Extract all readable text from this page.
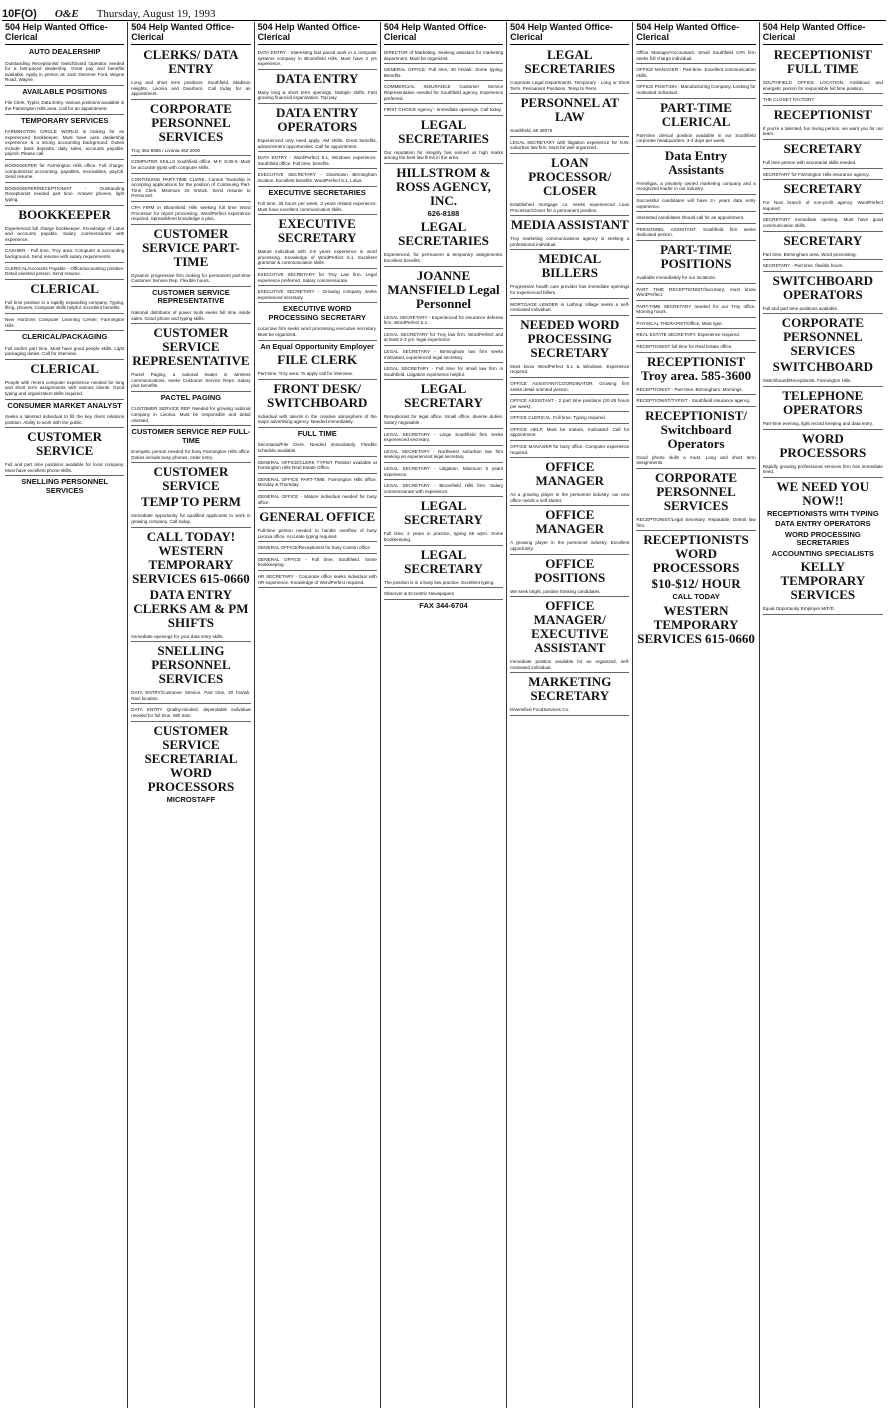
10F(O) O&E Thursday, August 19, 1993
504 Help Wanted Office-Clerical
AUTO DEALERSHIP
Outstanding Receptionist/ Switchboard Operator needed for a fast-paced dealership. Great pay and benefits available. Apply in person at: Jack Demmer Ford, Wayne Road, Wayne.
AVAILABLE POSITIONS
File Clerk, Typist, Data Entry. Various positions available in the Farmington Hills area. Call for an appointment.
TEMPORARY SERVICES
FARMINGTON CIRCLE WORLD is looking for an experienced bookkeeper. Must have auto dealership experience & a strong accounting background. Duties include: bank deposits, daily sales, accounts payable, payroll. Please call.
BOOKKEEPER for Farmington Hills office. Full charge, computerized accounting, payables, receivables, payroll. Send resume.
BOOKKEEPER/RECEPTIONIST - Outstanding Receptionist needed part time. Answer phones, light typing.
BOOKKEEPER
Experienced full charge bookkeeper. Knowledge of Lotus and accounts payable. Salary commensurate with experience.
CASHIER - Full time, Troy area. Computer & accounting background. Send resume with salary requirements.
CLERICAL/Accounts Payable - Office/accounting position. Detail oriented person. Send resume.
CLERICAL
Full time position in a rapidly expanding company. Typing, filing, phones. Computer skills helpful. Excellent benefits.
New Horizons Computer Learning Center, Farmington Hills.
CLERICAL/PACKAGING
Full and/or part time. Must have good people skills. Light packaging duties. Call for interview.
CLERICAL
People with recent computer experience needed for long and short term assignments with various clients. Good typing and organization skills required.
CONSUMER MARKET ANALYST
Seeks a talented individual to fill the key client relations position. Ability to work with the public.
CUSTOMER SERVICE
Full and part time positions available for local company. Must have excellent phone skills.
SNELLING PERSONNEL SERVICES
504 Help Wanted Office-Clerical
CLERKS/ DATA ENTRY
Long and short term positions. Southfield, Madison Heights, Livonia and Dearborn. Call today for an appointment.
CORPORATE PERSONNEL SERVICES
Troy 362-8686 / Livonia 462-2000
COMPUTER SKILLS Southfield office. M-F, 8:30-5. Must be accurate typist with computer skills.
CONTINUING PART-TIME CLERK. Canton Township is accepting applications for the position of Continuing Part-Time Clerk. Minimum 20 hrs/wk. Send resume to Personnel.
CPA FIRM in Bloomfield Hills seeking full time Word Processor for report processing. WordPerfect experience required. Spreadsheet knowledge a plus.
CUSTOMER SERVICE PART-TIME
Dynamic progressive firm looking for permanent part-time Customer Service Rep. Flexible hours.
CUSTOMER SERVICE REPRESENTATIVE
National distributor of power tools seeks full time inside sales. Good phone and typing skills.
CUSTOMER SERVICE REPRESENTATIVE
Pactel Paging, a national leader in wireless communications, seeks Customer Service Reps. Salary plus benefits.
PACTEL PAGING
CUSTOMER SERVICE REP. Needed for growing national company in Livonia. Must be responsible and detail oriented.
CUSTOMER SERVICE REP FULL-TIME
Energetic person needed for busy Farmington Hills office. Duties include busy phones, order entry.
CUSTOMER SERVICE
TEMP TO PERM
Immediate opportunity for qualified applicants to work in growing company. Call today.
CALL TODAY! WESTERN TEMPORARY SERVICES 615-0660
DATA ENTRY CLERKS AM & PM SHIFTS
Immediate openings for your data entry skills.
SNELLING PERSONNEL SERVICES
DATA ENTRY/Customer Service. Part time, 20 hrs/wk. Novi location.
DATA ENTRY Quality-minded, dependable individual needed for full time. Will train.
CUSTOMER SERVICE SECRETARIAL WORD PROCESSORS
MICROSTAFF
504 Help Wanted Office-Clerical
DATA ENTRY - Interesting fast paced work in a computer systems company in Bloomfield Hills. Must have 2 yrs experience.
DATA ENTRY
Many long & short term openings. Multiple shifts. Fast growing financial organization. Top pay.
DATA ENTRY OPERATORS
Experienced only need apply. AM shifts. Great benefits, advancement opportunities. Call for appointment.
DATA ENTRY - WordPerfect 5.1, Windows experience. Southfield office. Full time, benefits.
EXECUTIVE SECRETARY - Downtown Birmingham location. Excellent benefits. WordPerfect 5.1, Lotus.
EXECUTIVE SECRETARIES
Full time, 35 hours per week, 3 years related experience. Must have excellent communication skills.
EXECUTIVE SECRETARY
Mature individual with 3-5 years experience in word processing. Knowledge of WordPerfect 5.1, Excellent grammar & communication skills.
EXECUTIVE SECRETARY for Troy Law firm. Legal experience preferred. Salary commensurate.
EXECUTIVE SECRETARY - Growing company seeks experienced secretary.
EXECUTIVE WORD PROCESSING SECRETARY
Local law firm seeks word processing executive secretary. Must be organized.
An Equal Opportunity Employer
FILE CLERK
Part-time, Troy area. To apply call for interview.
FRONT DESK/ SWITCHBOARD
Individual with talents in the creative atmosphere of the major advertising agency. Needed immediately.
FULL TIME
Secretarial/File Clerk. Needed immediately. Flexible schedule available.
GENERAL OFFICE/CLERK TYPIST Position available at Farmington Hills Real Estate Office.
GENERAL OFFICE PART-TIME. Farmington Hills office. Monday & Thursday.
GENERAL OFFICE - Mature individual needed for busy office.
GENERAL OFFICE
Full-time person needed to handle overflow of busy Livonia office. Accurate typing required.
GENERAL OFFICE/Receptionist for busy Canton office.
GENERAL OFFICE - Full time, Southfield. Some bookkeeping.
HR SECRETARY - Corporate office seeks individual with HR experience. Knowledge of WordPerfect required.
504 Help Wanted Office-Clerical
DIRECTOR of Marketing. Seeking assistant for marketing department. Must be organized.
GENERAL OFFICE: Full time, 40 hrs/wk. Some typing. Benefits.
COMMERCIAL INSURANCE Customer Service Representative needed for Southfield agency. Experience preferred.
FIRST CHOICE Agency - Immediate openings. Call today.
LEGAL SECRETARIES
Our reputation for integrity has earned us high marks among the best law firms in the area.
HILLSTROM & ROSS AGENCY, INC.
626-8188
LEGAL SECRETARIES
Experienced, for permanent & temporary assignments. Excellent benefits.
JOANNE MANSFIELD Legal Personnel
LEGAL SECRETARY - Experienced for insurance defense firm. WordPerfect 5.1.
LEGAL SECRETARY for Troy law firm. WordPerfect and at least 2-3 yrs. legal experience.
LEGAL SECRETARY - Birmingham law firm seeks motivated, experienced legal secretary.
LEGAL SECRETARY - Full time for small law firm in Southfield. Litigation experience helpful.
LEGAL SECRETARY
Receptionist for legal office. Small office, diverse duties. Salary negotiable.
LEGAL SECRETARY - Large Southfield firm seeks experienced secretary.
LEGAL SECRETARY - Northwest suburban law firm seeking an experienced legal secretary.
LEGAL SECRETARY - Litigation. Minimum 5 years experience.
LEGAL SECRETARY - Bloomfield Hills firm. Salary commensurate with experience.
LEGAL SECRETARY
Full time, 2 years in practice, typing 65 wpm. Some bookkeeping.
LEGAL SECRETARY
The position is in a busy law practice. Excellent typing.
Observer & Eccentric Newspapers
FAX 344-6704
504 Help Wanted Office-Clerical
LEGAL SECRETARIES
Corporate Legal Departments. Temporary - Long or Short Term. Permanent Positions. Temp to Perm.
PERSONNEL AT LAW
Southfield, MI 48075
LEGAL SECRETARY with litigation experience for N.W. suburban law firm. Must be well organized.
LOAN PROCESSOR/ CLOSER
Established mortgage co. seeks experienced Loan Processor/Closer for a permanent position.
MEDIA ASSISTANT
Troy marketing communications agency is seeking a professional individual.
MEDICAL BILLERS
Progressive health care provider has immediate openings for experienced billers.
MORTGAGE LENDER in Lathrup Village seeks a self-motivated individual.
NEEDED WORD PROCESSING SECRETARY
Must know WordPerfect 5.1 & Windows. Experience required.
OFFICE ASSISTANT/COORDINATOR. Growing firm seeks detail oriented person.
OFFICE ASSISTANT - 2 part time positions (20-25 hours per week).
OFFICE CLERICAL. Full time. Typing required.
OFFICE HELP. Must be mature, motivated. Call for appointment.
OFFICE MANAGER for busy office. Computer experience required.
OFFICE MANAGER
As a growing player in the personnel industry, our new office needs a self starter.
OFFICE MANAGER
A growing player in the personnel industry. Excellent opportunity.
OFFICE POSITIONS
We seek bright, positive thinking candidates.
OFFICE MANAGER/ EXECUTIVE ASSISTANT
Immediate position available for an organized, self-motivated individual.
MARKETING SECRETARY
Diversified FoodServices Co.
504 Help Wanted Office-Clerical
Office Manager/Accountant. Small Southfield CPA firm seeks full charge individual.
OFFICE MANAGER - Part-time. Excellent communication skills.
OFFICE POSITION - Manufacturing Company. Looking for motivated individual.
PART-TIME CLERICAL
Part-time clerical position available in our Southfield corporate headquarters. 3-4 days per week.
Data Entry Assistants
Ferrellgas, a privately owned marketing company and a recognized leader in our industry.
Successful candidates will have 2+ years data entry experience.
Interested candidates should call for an appointment.
PERSONNEL ASSISTANT. Southfield firm seeks dedicated person.
PART-TIME POSITIONS
Available immediately for our locations.
PART TIME RECEPTIONIST/Secretary, must know WordPerfect.
PART-TIME SECRETARY needed for our Troy office. Morning hours.
PHYSICAL THERAPIST/Office. Must type.
REAL ESTATE SECRETARY. Experience required.
RECEPTIONIST full time for Real Estate office.
RECEPTIONIST Troy area. 585-3600
RECEPTIONIST - Part-time, Birmingham. Mornings.
RECEPTIONIST/TYPIST - Southfield insurance agency.
RECEPTIONIST/ Switchboard Operators
Good phone skills a must. Long and short term assignments.
CORPORATE PERSONNEL SERVICES
RECEPTIONIST/Legal Secretary. Reputable, Detroit law firm.
RECEPTIONISTS WORD PROCESSORS
$10-$12/ HOUR
CALL TODAY
WESTERN TEMPORARY SERVICES 615-0660
504 Help Wanted Office-Clerical
RECEPTIONIST FULL TIME
SOUTHFIELD OFFICE LOCATION. Ambitious and energetic person for responsible full time position.
THE CLOSET FACTORY
RECEPTIONIST
If you're a talented, fun loving person, we want you for our team.
SECRETARY
Full time person with secretarial skills needed.
SECRETARY for Farmington Hills insurance agency.
SECRETARY
For Novi branch of non-profit agency. WordPerfect required.
SECRETARY Immediate opening. Must have good communication skills.
SECRETARY
Part time, Birmingham area. Word processing.
SECRETARY - Part time, flexible hours.
SWITCHBOARD OPERATORS
Full and part time positions available.
CORPORATE PERSONNEL SERVICES
SWITCHBOARD
Switchboard/Receptionist. Farmington Hills.
TELEPHONE OPERATORS
Part-time evening, light record keeping and data entry.
WORD PROCESSORS
Rapidly growing professional services firm has immediate need.
WE NEED YOU NOW!!
RECEPTIONISTS WITH TYPING
DATA ENTRY OPERATORS
WORD PROCESSING SECRETARIES
ACCOUNTING SPECIALISTS
KELLY TEMPORARY SERVICES
Equal Opportunity Employer M/F/D
